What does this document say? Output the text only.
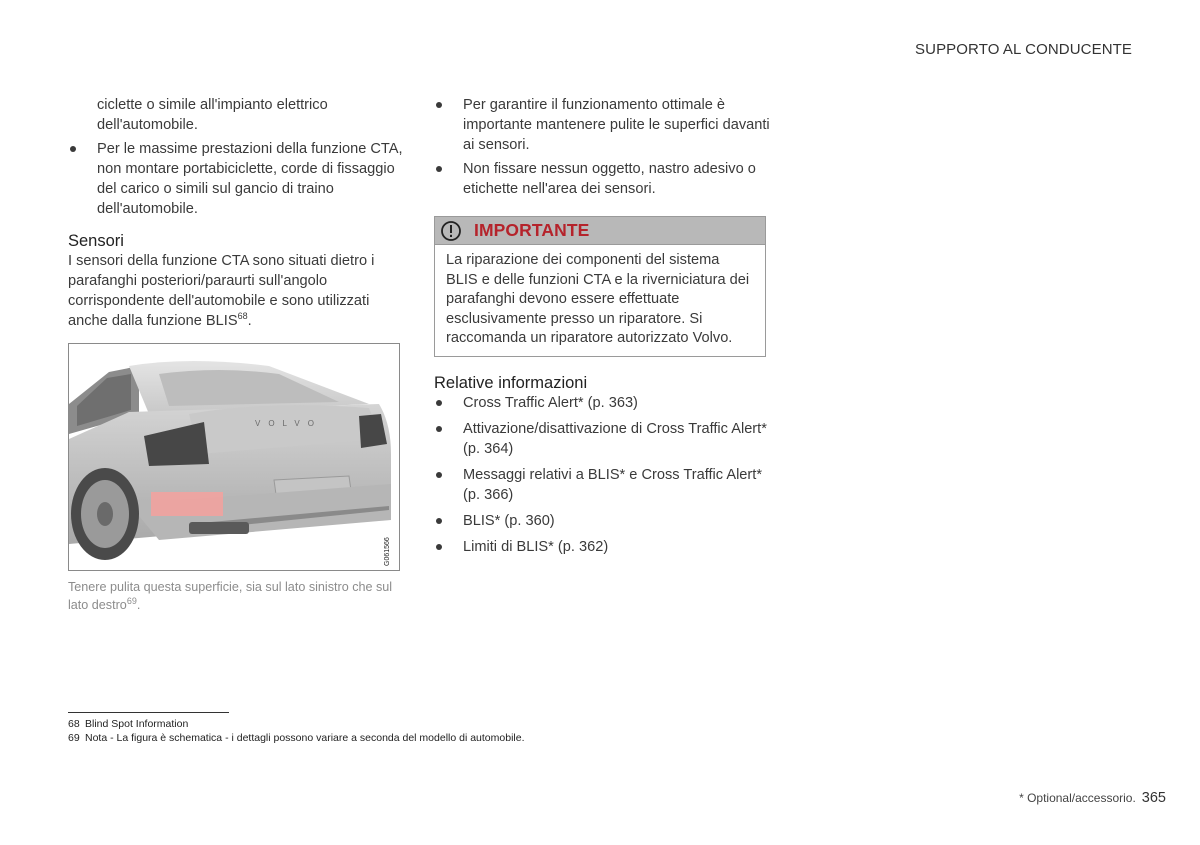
SUPPORTO AL CONDUCENTE

ciclette o simile all'impianto elettrico dell'automobile.

Per le massime prestazioni della funzione CTA, non montare portabiciclette, corde di fissaggio del carico o simili sul gancio di traino dell'automobile.
Sensori

I sensori della funzione CTA sono situati dietro i parafanghi posteriori/paraurti sull'angolo corrispondente dell'automobile e sono utilizzati anche dalla funzione BLIS$^{68}$.

VOLVO
G061566
Tenere pulita questa superficie, sia sul lato sinistro che sul lato destro$^{69}$.
Per garantire il funzionamento ottimale è importante mantenere pulite le superfici davanti ai sensori.
Non fissare nessun oggetto, nastro adesivo o etichette nell'area dei sensori.
IMPORTANTE
La riparazione dei componenti del sistema BLIS e delle funzioni CTA e la riverniciatura dei parafanghi devono essere effettuate esclusivamente presso un riparatore. Si raccomanda un riparatore autorizzato Volvo.
Relative informazioni
Cross Traffic Alert* (p. 363)
Attivazione/disattivazione di Cross Traffic Alert* (p. 364)
Messaggi relativi a BLIS* e Cross Traffic Alert* (p. 366)
BLIS* (p. 360)
Limiti di BLIS* (p. 362)
68 Blind Spot Information
69 Nota - La figura è schematica - i dettagli possono variare a seconda del modello di automobile.
* Optional/accessorio. 365
